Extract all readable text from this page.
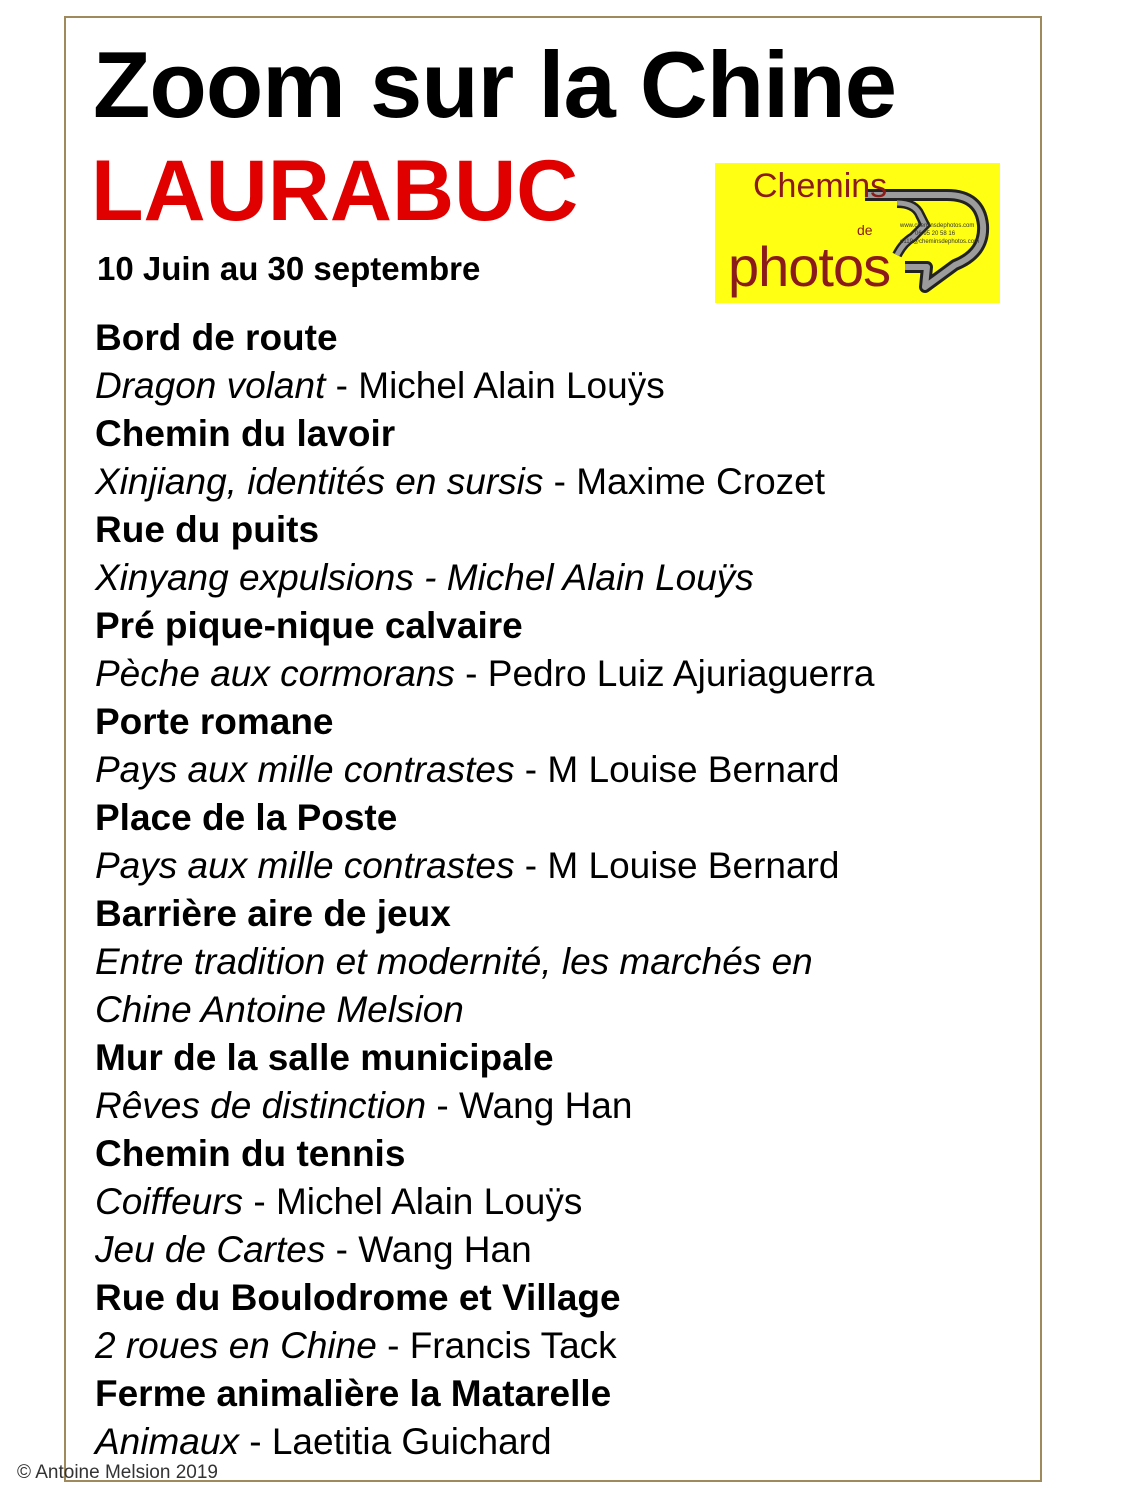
Zoom sur la Chine
LAURABUC

10 Juin au 30 septembre

Chemins
de
photos
www.cheminsdephotos.com
06 95 20 58 16
d119@cheminsdephotos.com

Bord de route

Dragon volant - Michel Alain Louÿs

Chemin du lavoir

Xinjiang, identités en sursis - Maxime Crozet

Rue du puits

Xinyang expulsions - Michel Alain Louÿs

Pré pique-nique calvaire

Pèche aux cormorans - Pedro Luiz Ajuriaguerra

Porte romane

Pays aux mille contrastes - M Louise Bernard

Place de la Poste

Pays aux mille contrastes - M Louise Bernard

Barrière aire de jeux

Entre tradition et modernité, les marchés en

Chine Antoine Melsion

Mur de la salle municipale

Rêves de distinction - Wang Han

Chemin du tennis

Coiffeurs - Michel Alain Louÿs

Jeu de Cartes - Wang Han

Rue du Boulodrome et Village

2 roues en Chine - Francis Tack

Ferme animalière la Matarelle

Animaux - Laetitia Guichard

© Antoine Melsion 2019
